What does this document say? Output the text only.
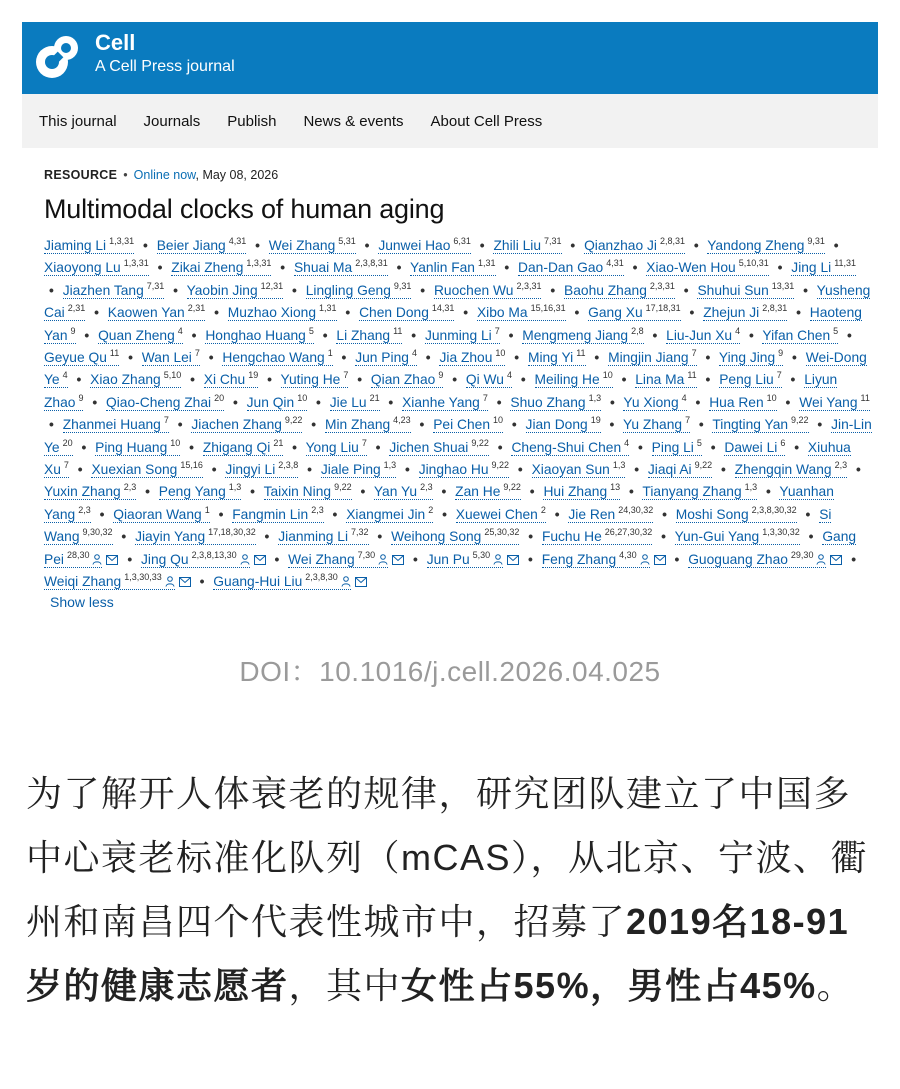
Cell
A Cell Press journal
This journal Journals Publish News & events About Cell Press
RESOURCE • Online now, May 08, 2026
Multimodal clocks of human aging
Jiaming Li $^{1,3,31}$ • Beier Jiang $^{4,31}$ • Wei Zhang $^{5,31}$ • Junwei Hao $^{6,31}$ • Zhili Liu $^{7,31}$ • Qianzhao Ji $^{2,8,31}$ • Yandong Zheng $^{9,31}$ • Xiaoyong Lu $^{1,3,31}$ • Zikai Zheng $^{1,3,31}$ • Shuai Ma $^{2,3,8,31}$ • Yanlin Fan $^{1,31}$ • Dan-Dan Gao $^{4,31}$ • Xiao-Wen Hou $^{5,10,31}$ • Jing Li $^{11,31}$ • Jiazhen Tang $^{7,31}$ • Yaobin Jing $^{12,31}$ • Lingling Geng $^{9,31}$ • Ruochen Wu $^{2,3,31}$ • Baohu Zhang $^{2,3,31}$ • Shuhui Sun $^{13,31}$ • Yusheng Cai $^{2,31}$ • Kaowen Yan $^{2,31}$ • Muzhao Xiong $^{1,31}$ • Chen Dong $^{14,31}$ • Xibo Ma $^{15,16,31}$ • Gang Xu $^{17,18,31}$ • Zhejun Ji $^{2,8,31}$ • Haoteng Yan $^9$ • Quan Zheng $^4$ • Honghao Huang $^5$ • Li Zhang $^{11}$ • Junming Li $^7$ • Mengmeng Jiang $^{2,8}$ • Liu-Jun Xu $^4$ • Yifan Chen $^5$ • Geyue Qu $^{11}$ • Wan Lei $^7$ • Hengchao Wang $^1$ • Jun Ping $^4$ • Jia Zhou $^{10}$ • Ming Yi $^{11}$ • Mingjin Jiang $^7$ • Ying Jing $^9$ • Wei-Dong Ye $^4$ • Xiao Zhang $^{5,10}$ • Xi Chu $^{19}$ • Yuting He $^7$ • Qian Zhao $^9$ • Qi Wu $^4$ • Meiling He $^{10}$ • Lina Ma $^{11}$ • Peng Liu $^7$ • Liyun Zhao $^9$ • Qiao-Cheng Zhai $^{20}$ • Jun Qin $^{10}$ • Jie Lu $^{21}$ • Xianhe Yang $^7$ • Shuo Zhang $^{1,3}$ • Yu Xiong $^4$ • Hua Ren $^{10}$ • Wei Yang $^{11}$ • Zhanmei Huang $^7$ • Jiachen Zhang $^{9,22}$ • Min Zhang $^{4,23}$ • Pei Chen $^{10}$ • Jian Dong $^{19}$ • Yu Zhang $^7$ • Tingting Yan $^{9,22}$ • Jin-Lin Ye $^{20}$ • Ping Huang $^{10}$ • Zhigang Qi $^{21}$ • Yong Liu $^7$ • Jichen Shuai $^{9,22}$ • Cheng-Shui Chen $^4$ • Ping Li $^5$ • Dawei Li $^6$ • Xiuhua Xu $^7$ • Xuexian Song $^{15,16}$ • Jingyi Li $^{2,3,8}$ • Jiale Ping $^{1,3}$ • Jinghao Hu $^{9,22}$ • Xiaoyan Sun $^{1,3}$ • Jiaqi Ai $^{9,22}$ • Zhengqin Wang $^{2,3}$ • Yuxin Zhang $^{2,3}$ • Peng Yang $^{1,3}$ • Taixin Ning $^{9,22}$ • Yan Yu $^{2,3}$ • Zan He $^{9,22}$ • Hui Zhang $^{13}$ • Tianyang Zhang $^{1,3}$ • Yuanhan Yang $^{2,3}$ • Qiaoran Wang $^1$ • Fangmin Lin $^{2,3}$ • Xiangmei Jin $^2$ • Xuewei Chen $^2$ • Jie Ren $^{24,30,32}$ • Moshi Song $^{2,3,8,30,32}$ • Si Wang $^{9,30,32}$ • Jiayin Yang $^{17,18,30,32}$ • Jianming Li $^{7,32}$ • Weihong Song $^{25,30,32}$ • Fuchu He $^{26,27,30,32}$ • Yun-Gui Yang $^{1,3,30,32}$ • Gang Pei $^{28,30}$	• Jing Qu $^{2,3,8,13,30}$	• Wei Zhang $^{7,30}$	• Jun Pu $^{5,30}$	• Feng Zhang $^{4,30}$	• Guoguang Zhao $^{29,30}$	• Weiqi Zhang $^{1,3,30,33}$	• Guang-Hui Liu $^{2,3,8,30}$
Show less
DOI：10.1016/j.cell.2026.04.025
为了解开人体衰老的规律，研究团队建立了中国多中心衰老标准化队列（mCAS），从北京、宁波、衢州和南昌四个代表性城市中，招募了2019名18-91岁的健康志愿者，其中女性占55%，男性占45%。
